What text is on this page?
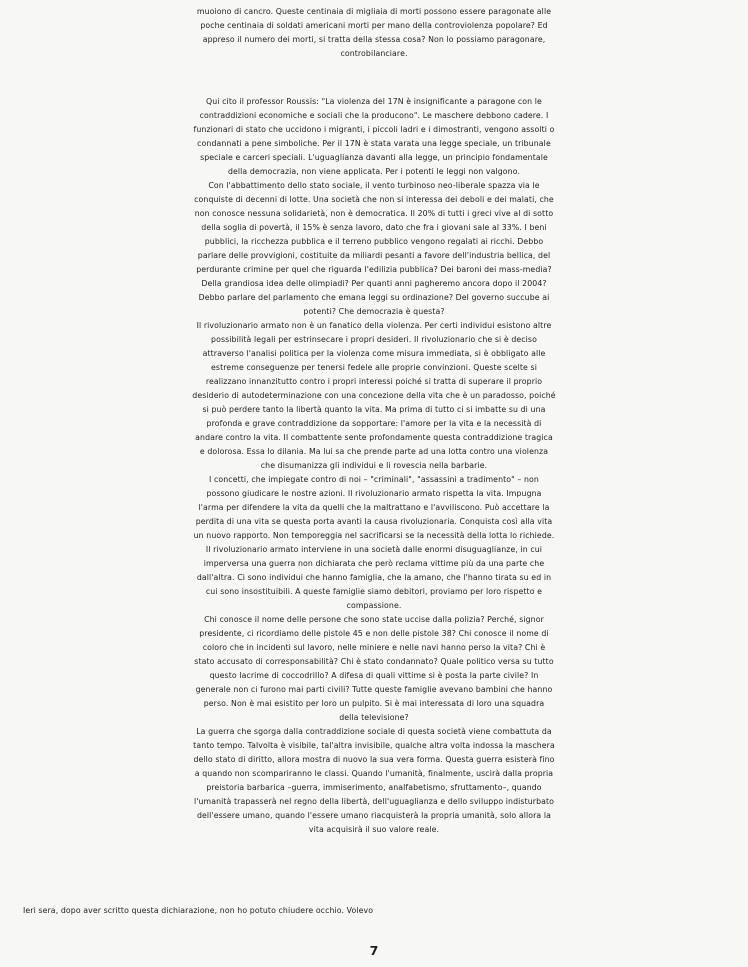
muoiono di cancro. Queste centinaia di migliaia di morti possono essere paragonate alle
poche centinaia di soldati americani morti per mano della controviolenza popolare? Ed
appreso il numero dei morti, si tratta della stessa cosa? Non lo possiamo paragonare,
controbilanciare.
Qui cito il professor Roussis: "La violenza del 17N è insignificante a paragone con le
contraddizioni economiche e sociali che la producono". Le maschere debbono cadere. I
funzionari di stato che uccidono i migranti, i piccoli ladri e i dimostranti, vengono assolti o
condannati a pene simboliche. Per il 17N è stata varata una legge speciale, un tribunale
speciale e carceri speciali. L'uguaglianza davanti alla legge, un principio fondamentale
della democrazia, non viene applicata. Per i potenti le leggi non valgono.
Con l'abbattimento dello stato sociale, il vento turbinoso neo-liberale spazza via le
conquiste di decenni di lotte. Una società che non si interessa dei deboli e dei malati, che
non conosce nessuna solidarietà, non è democratica. Il 20% di tutti i greci vive al di sotto
della soglia di povertà, il 15% è senza lavoro, dato che fra i giovani sale al 33%. I beni
pubblici, la ricchezza pubblica e il terreno pubblico vengono regalati ai ricchi. Debbo
parlare delle provvigioni, costituite da miliardi pesanti a favore dell'industria bellica, del
perdurante crimine per quel che riguarda l'edilizia pubblica? Dei baroni dei mass-media?
Della grandiosa idea delle olimpiadi? Per quanti anni pagheremo ancora dopo il 2004?
Debbo parlare del parlamento che emana leggi su ordinazione? Del governo succube ai
potenti? Che democrazia è questa?
Il rivoluzionario armato non è un fanatico della violenza. Per certi individui esistono altre
possibilità legali per estrinsecare i propri desideri. Il rivoluzionario che si è deciso
attraverso l'analisi politica per la violenza come misura immediata, si è obbligato alle
estreme conseguenze per tenersi fedele alle proprie convinzioni. Queste scelte si
realizzano innanzitutto contro i propri interessi poiché si tratta di superare il proprio
desiderio di autodeterminazione con una concezione della vita che è un paradosso, poiché
si può perdere tanto la libertà quanto la vita. Ma prima di tutto ci si imbatte su di una
profonda e grave contraddizione da sopportare: l'amore per la vita e la necessità di
andare contro la vita. Il combattente sente profondamente questa contraddizione tragica
e dolorosa. Essa lo dilania. Ma lui sa che prende parte ad una lotta contro una violenza
che disumanizza gli individui e li rovescia nella barbarie.
I concetti, che impiegate contro di noi – "criminali", "assassini a tradimento" – non
possono giudicare le nostre azioni. Il rivoluzionario armato rispetta la vita. Impugna
l'arma per difendere la vita da quelli che la maltrattano e l'avviliscono. Può accettare la
perdita di una vita se questa porta avanti la causa rivoluzionaria. Conquista così alla vita
un nuovo rapporto. Non temporeggia nel sacrificarsi se la necessità della lotta lo richiede.
Il rivoluzionario armato interviene in una società dalle enormi disuguaglianze, in cui
imperversa una guerra non dichiarata che però reclama vittime più da una parte che
dall'altra. Ci sono individui che hanno famiglia, che la amano, che l'hanno tirata su ed in
cui sono insostituibili. A queste famiglie siamo debitori, proviamo per loro rispetto e
compassione.
Chi conosce il nome delle persone che sono state uccise dalla polizia? Perché, signor
presidente, ci ricordiamo delle pistole 45 e non delle pistole 38? Chi conosce il nome di
coloro che in incidenti sul lavoro, nelle miniere e nelle navi hanno perso la vita? Chi è
stato accusato di corresponsabilità? Chi è stato condannato? Quale politico versa su tutto
questo lacrime di coccodrillo? A difesa di quali vittime si è posta la parte civile? In
generale non ci furono mai parti civili? Tutte queste famiglie avevano bambini che hanno
perso. Non è mai esistito per loro un pulpito. Si è mai interessata di loro una squadra
della televisione?
La guerra che sgorga dalla contraddizione sociale di questa società viene combattuta da
tanto tempo. Talvolta è visibile, tal'altra invisibile, qualche altra volta indossa la maschera
dello stato di diritto, allora mostra di nuovo la sua vera forma. Questa guerra esisterà fino
a quando non scompariranno le classi. Quando l'umanità, finalmente, uscirà dalla propria
preistoria barbarica –guerra, immiserimento, analfabetismo, sfruttamento–, quando
l'umanità trapasserà nel regno della libertà, dell'uguaglianza e dello sviluppo indisturbato
dell'essere umano, quando l'essere umano riacquisterà la propria umanità, solo allora la
vita acquisirà il suo valore reale.
Ieri sera, dopo aver scritto questa dichiarazione, non ho potuto chiudere occhio. Volevo
7
